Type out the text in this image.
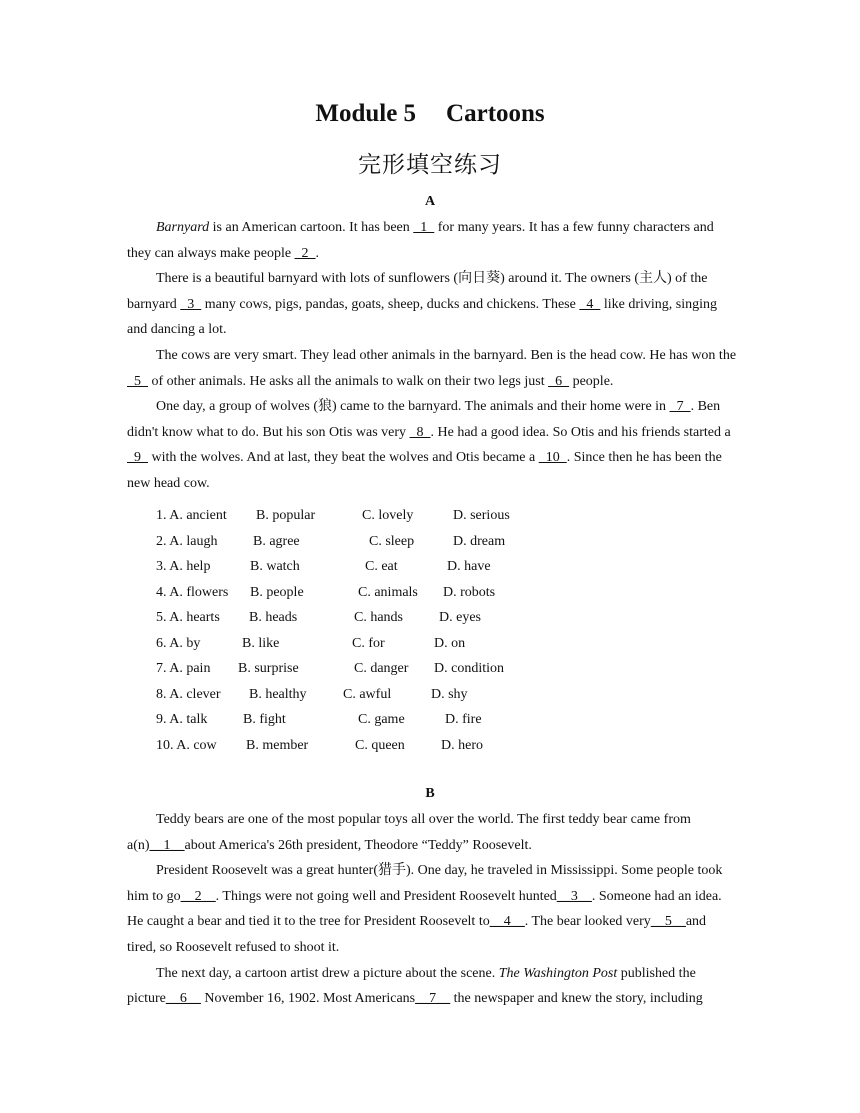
Module 5 Cartoons
完形填空练习
A

Barnyard is an American cartoon. It has been   1   for many years. It has a few funny characters and they can always make people   2  .

There is a beautiful barnyard with lots of sunflowers (向日葵) around it. The owners (主人) of the barnyard   3   many cows, pigs, pandas, goats, sheep, ducks and chickens. These   4   like driving, singing and dancing a lot.

The cows are very smart. They lead other animals in the barnyard. Ben is the head cow. He has won the   5   of other animals. He asks all the animals to walk on their two legs just   6   people.

One day, a group of wolves (狼) came to the barnyard. The animals and their home were in   7  . Ben didn't know what to do. But his son Otis was very   8  . He had a good idea. So Otis and his friends started a   9   with the wolves. And at last, they beat the wolves and Otis became a   10  . Since then he has been the new head cow.

1. A. ancient B. popular	C. lovely	D. serious
2. A. laugh	B. agree	C. sleep	D. dream
3. A. help	B. watch	C. eat	D. have
4. A. flowers B. people	C. animals D. robots
5. A. hearts B. heads	C. hands	D. eyes
6. A. by	B. like	C. for	D. on
7. A. pain B. surprise	C. danger D. condition
8. A. clever B. healthy	C. awful	D. shy
9. A. talk	B. fight	C. game	D. fire
10. A. cow B. member	C. queen	D. hero
B

Teddy bears are one of the most popular toys all over the world. The first teddy bear came from a(n)__1__about America's 26th president, Theodore “Teddy” Roosevelt.

President Roosevelt was a great hunter(猎手). One day, he traveled in Mississippi. Some people took him to go__2__. Things were not going well and President Roosevelt hunted__3__. Someone had an idea. He caught a bear and tied it to the tree for President Roosevelt to__4__. The bear looked very__5__and tired, so Roosevelt refused to shoot it.

The next day, a cartoon artist drew a picture about the scene. The Washington Post published the picture__6__ November 16, 1902. Most Americans__7__ the newspaper and knew the story, including
